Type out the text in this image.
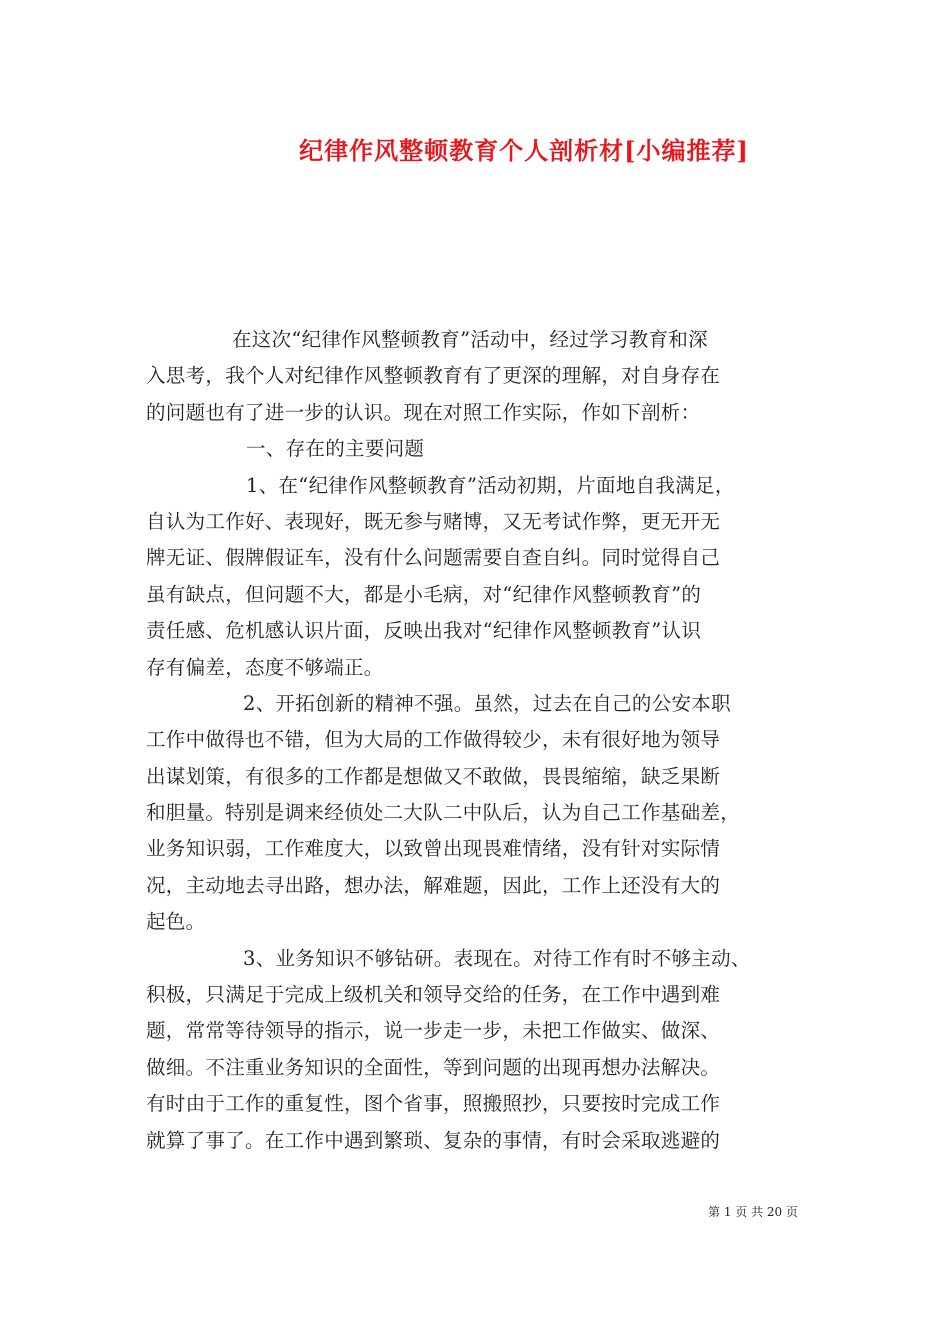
纪律作风整顿教育个人剖析材[小编推荐]
在这次“纪律作风整顿教育”活动中，经过学习教育和深
入思考，我个人对纪律作风整顿教育有了更深的理解，对自身存在
的问题也有了进一步的认识。现在对照工作实际，作如下剖析：
一、存在的主要问题
1、在“纪律作风整顿教育”活动初期，片面地自我满足，
自认为工作好、表现好，既无参与赌博，又无考试作弊，更无开无
牌无证、假牌假证车，没有什么问题需要自查自纠。同时觉得自己
虽有缺点，但问题不大，都是小毛病，对“纪律作风整顿教育”的
责任感、危机感认识片面，反映出我对“纪律作风整顿教育”认识
存有偏差，态度不够端正。
2、开拓创新的精神不强。虽然，过去在自己的公安本职
工作中做得也不错，但为大局的工作做得较少，未有很好地为领导
出谋划策，有很多的工作都是想做又不敢做，畏畏缩缩，缺乏果断
和胆量。特别是调来经侦处二大队二中队后，认为自己工作基础差，
业务知识弱，工作难度大，以致曾出现畏难情绪，没有针对实际情
况，主动地去寻出路，想办法，解难题，因此，工作上还没有大的
起色。
3、业务知识不够钻研。表现在。对待工作有时不够主动、
积极，只满足于完成上级机关和领导交给的任务，在工作中遇到难
题，常常等待领导的指示，说一步走一步，未把工作做实、做深、
做细。不注重业务知识的全面性，等到问题的出现再想办法解决。
有时由于工作的重复性，图个省事，照搬照抄，只要按时完成工作
就算了事了。在工作中遇到繁琐、复杂的事情，有时会采取逃避的
第 1 页 共 20 页
